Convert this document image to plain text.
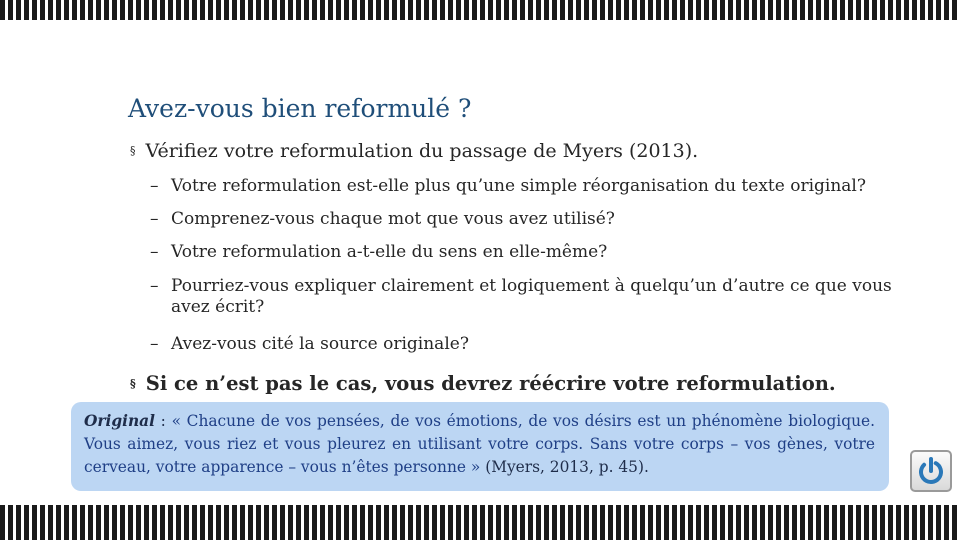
Avez-vous bien reformulé ?
§ Vérifiez votre reformulation du passage de Myers (2013).
– Votre reformulation est-elle plus qu’une simple réorganisation du texte original?
– Comprenez-vous chaque mot que vous avez utilisé?
– Votre reformulation a-t-elle du sens en elle-même?
– Pourriez-vous expliquer clairement et logiquement à quelqu’un d’autre ce que vous avez écrit?
– Avez-vous cité la source originale?
§ Si ce n’est pas le cas, vous devrez réécrire votre reformulation.
Original : « Chacune de vos pensées, de vos émotions, de vos désirs est un phénomène biologique. Vous aimez, vous riez et vous pleurez en utilisant votre corps. Sans votre corps – vos gènes, votre cerveau, votre apparence – vous n’êtes personne » (Myers, 2013, p. 45).
